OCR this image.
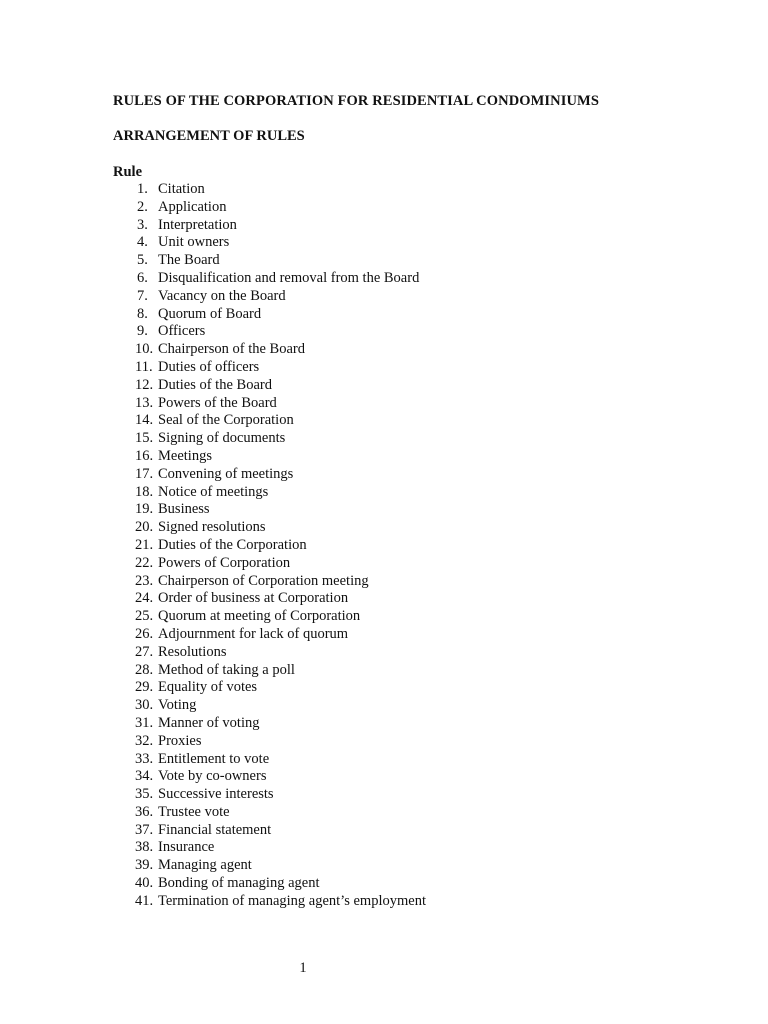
RULES OF THE CORPORATION FOR RESIDENTIAL CONDOMINIUMS
ARRANGEMENT OF RULES
Rule
1. Citation
2. Application
3. Interpretation
4. Unit owners
5. The Board
6. Disqualification and removal from the Board
7. Vacancy on the Board
8. Quorum of Board
9. Officers
10. Chairperson of the Board
11. Duties of officers
12. Duties of the Board
13. Powers of the Board
14. Seal of the Corporation
15. Signing of documents
16. Meetings
17. Convening of meetings
18. Notice of meetings
19. Business
20. Signed resolutions
21. Duties of the Corporation
22. Powers of Corporation
23. Chairperson of Corporation meeting
24. Order of business at Corporation
25. Quorum at meeting of Corporation
26. Adjournment for lack of quorum
27. Resolutions
28. Method of taking a poll
29. Equality of votes
30. Voting
31. Manner of voting
32. Proxies
33. Entitlement to vote
34. Vote by co-owners
35. Successive interests
36. Trustee vote
37. Financial statement
38. Insurance
39. Managing agent
40. Bonding of managing agent
41. Termination of managing agent’s employment
1
